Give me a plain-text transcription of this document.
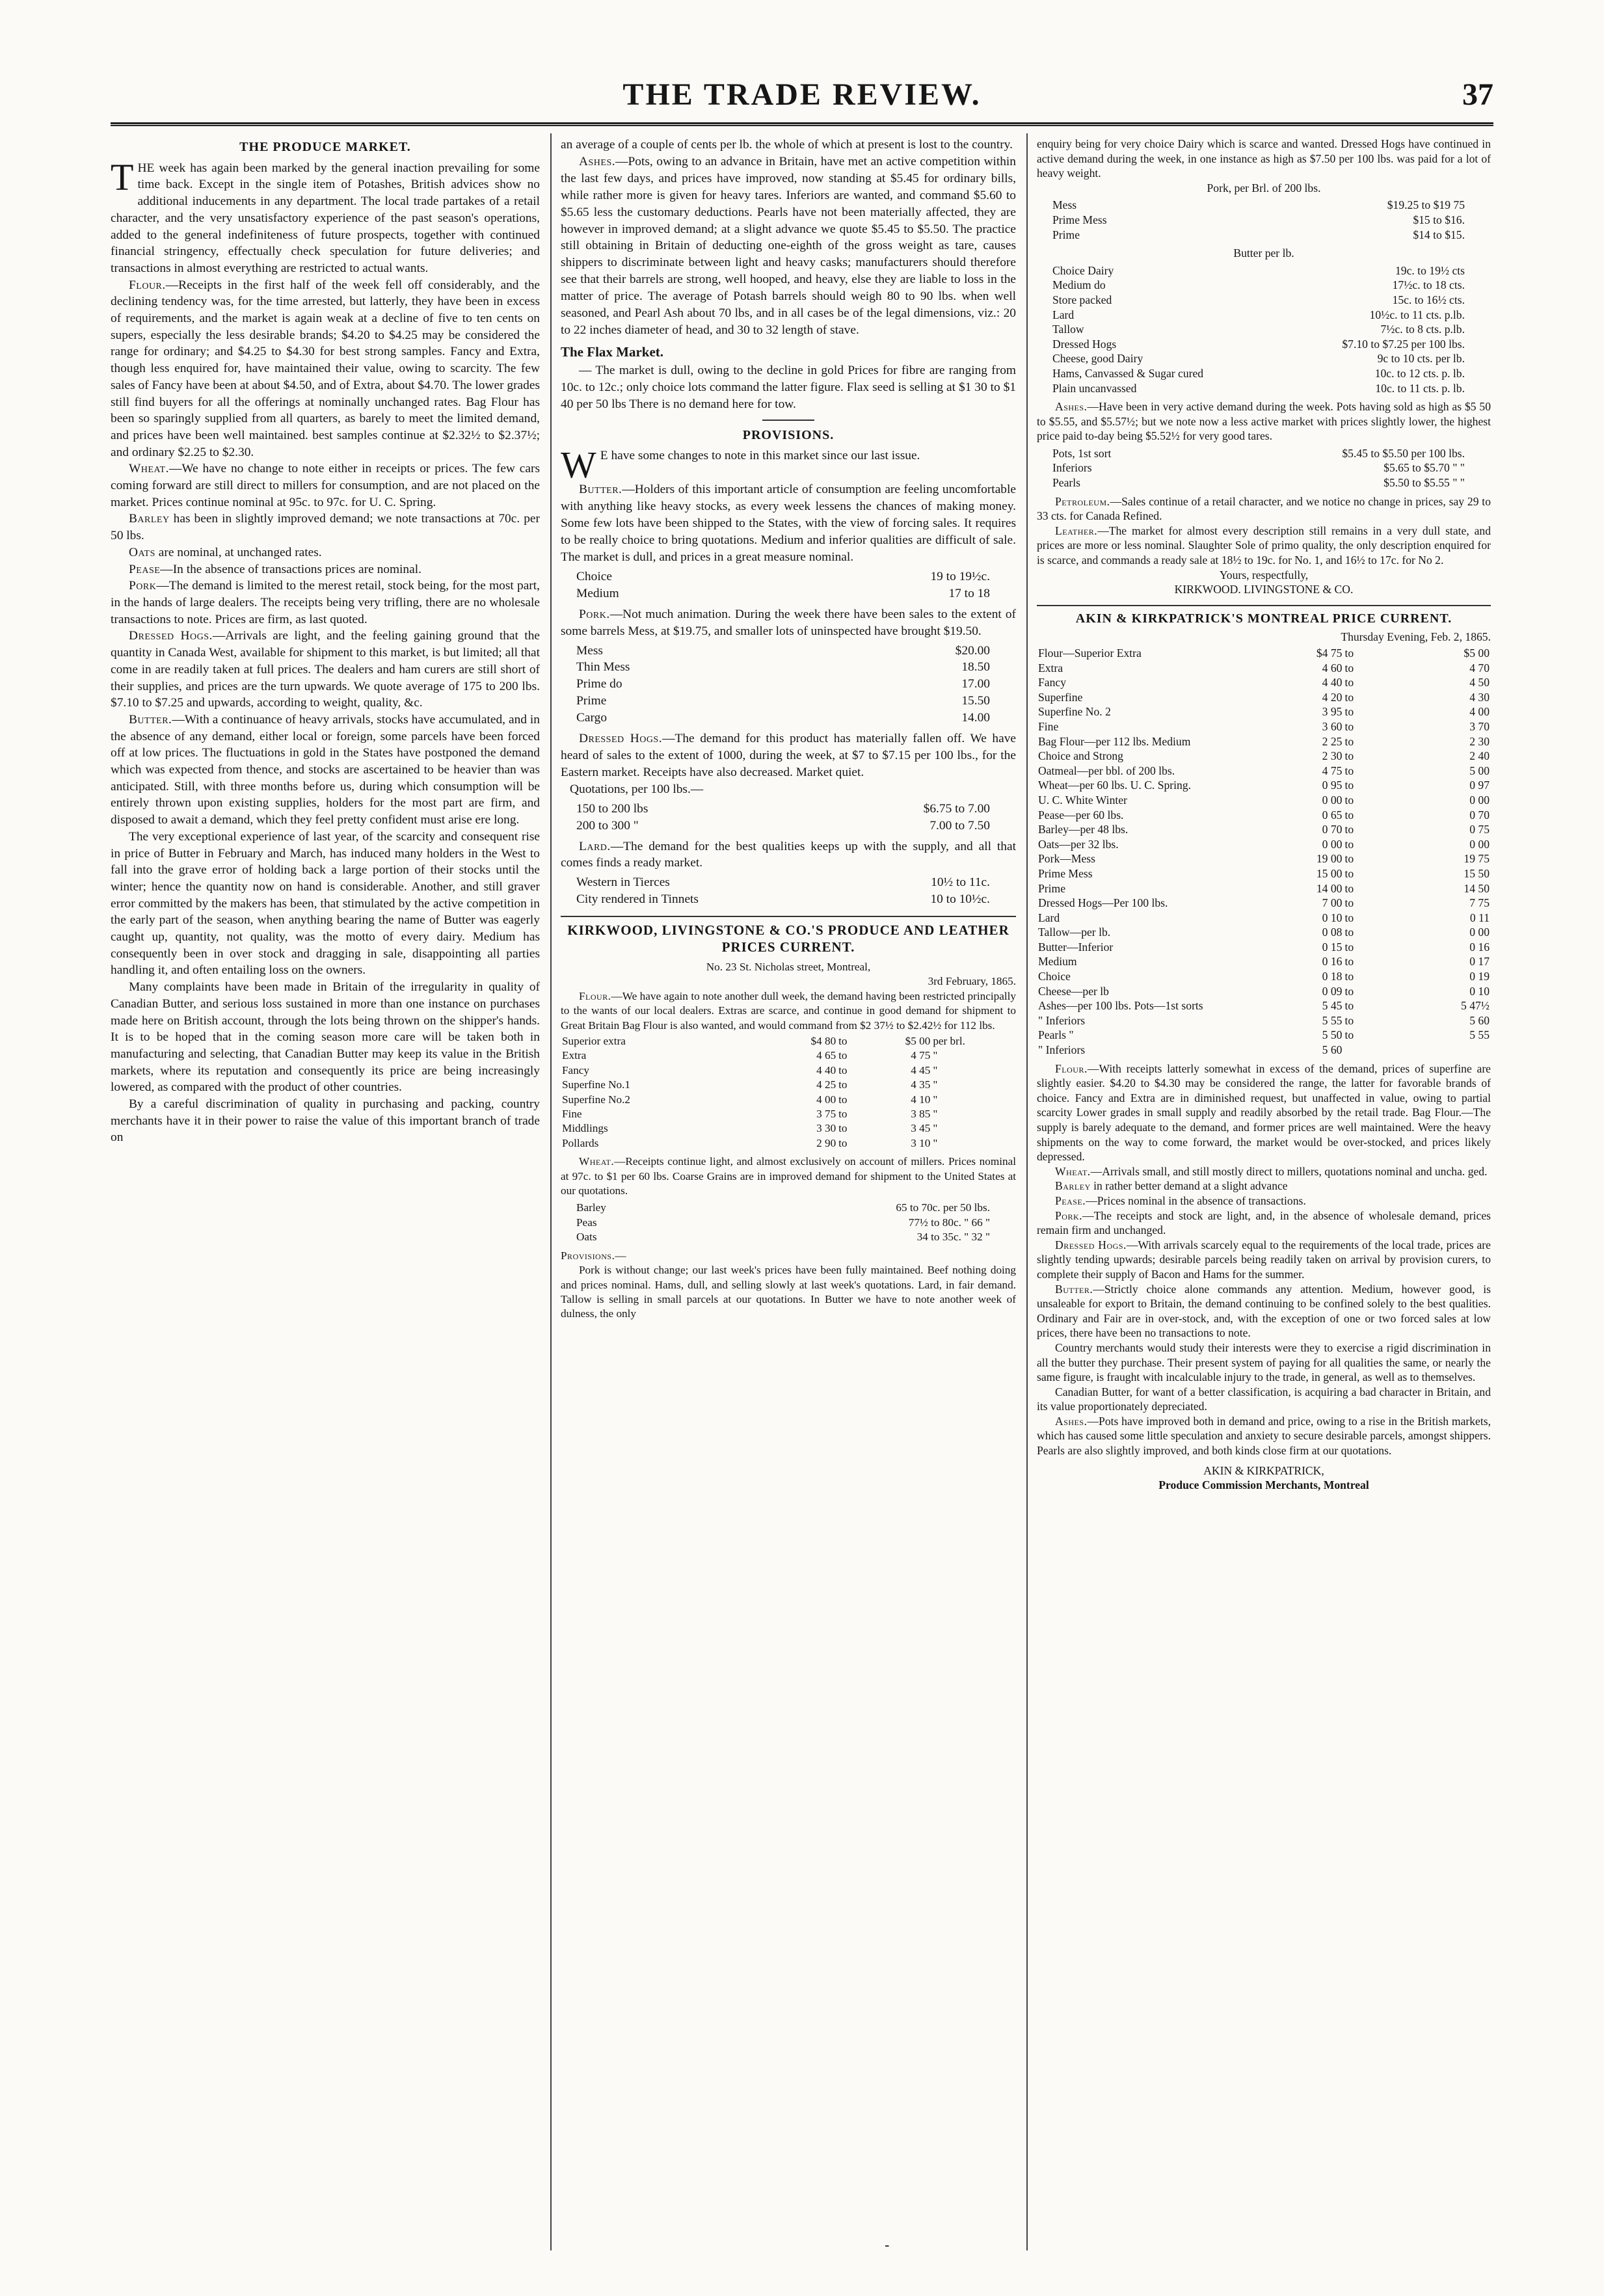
THE TRADE REVIEW.	37
THE PRODUCE MARKET.

THE week has again been marked by the general inaction prevailing for some time back. Except in the single item of Potashes, British advices show no additional inducements in any department. The local trade partakes of a retail character, and the very unsatisfactory experience of the past season's operations, added to the general indefiniteness of future prospects, together with continued financial stringency, effectually check speculation for future deliveries; and transactions in almost everything are restricted to actual wants.

Flour.—Receipts in the first half of the week fell off considerably, and the declining tendency was, for the time arrested, but latterly, they have been in excess of requirements, and the market is again weak at a decline of five to ten cents on supers, especially the less desirable brands; $4.20 to $4.25 may be considered the range for ordinary; and $4.25 to $4.30 for best strong samples. Fancy and Extra, though less enquired for, have maintained their value, owing to scarcity. The few sales of Fancy have been at about $4.50, and of Extra, about $4.70. The lower grades still find buyers for all the offerings at nominally unchanged rates. Bag Flour has been so sparingly supplied from all quarters, as barely to meet the limited demand, and prices have been well maintained. best samples continue at $2.32½ to $2.37½; and ordinary $2.25 to $2.30.

Wheat.—We have no change to note either in receipts or prices. The few cars coming forward are still direct to millers for consumption, and are not placed on the market. Prices continue nominal at 95c. to 97c. for U. C. Spring.

Barley has been in slightly improved demand; we note transactions at 70c. per 50 lbs.

Oats are nominal, at unchanged rates.

Pease—In the absence of transactions prices are nominal.

Pork—The demand is limited to the merest retail, stock being, for the most part, in the hands of large dealers. The receipts being very trifling, there are no wholesale transactions to note. Prices are firm, as last quoted.

Dressed Hogs.—Arrivals are light, and the feeling gaining ground that the quantity in Canada West, available for shipment to this market, is but limited; all that come in are readily taken at full prices. The dealers and ham curers are still short of their supplies, and prices are the turn upwards. We quote average of 175 to 200 lbs. $7.10 to $7.25 and upwards, according to weight, quality, &c.

Butter.—With a continuance of heavy arrivals, stocks have accumulated, and in the absence of any demand, either local or foreign, some parcels have been forced off at low prices. The fluctuations in gold in the States have postponed the demand which was expected from thence, and stocks are ascertained to be heavier than was anticipated. Still, with three months before us, during which consumption will be entirely thrown upon existing supplies, holders for the most part are firm, and disposed to await a demand, which they feel pretty confident must arise ere long.

The very exceptional experience of last year, of the scarcity and consequent rise in price of Butter in February and March, has induced many holders in the West to fall into the grave error of holding back a large portion of their stocks until the winter; hence the quantity now on hand is considerable. Another, and still graver error committed by the makers has been, that stimulated by the active competition in the early part of the season, when anything bearing the name of Butter was eagerly caught up, quantity, not quality, was the motto of every dairy. Medium has consequently been in over stock and dragging in sale, disappointing all parties handling it, and often entailing loss on the owners.

Many complaints have been made in Britain of the irregularity in quality of Canadian Butter, and serious loss sustained in more than one instance on purchases made here on British account, through the lots being thrown on the shipper's hands. It is to be hoped that in the coming season more care will be taken both in manufacturing and selecting, that Canadian Butter may keep its value in the British markets, where its reputation and consequently its price are being increasingly lowered, as compared with the product of other countries.

By a careful discrimination of quality in purchasing and packing, country merchants have it in their power to raise the value of this important branch of trade on

an average of a couple of cents per lb. the whole of which at present is lost to the country.

Ashes.—Pots, owing to an advance in Britain, have met an active competition within the last few days, and prices have improved, now standing at $5.45 for ordinary bills, while rather more is given for heavy tares. Inferiors are wanted, and command $5.60 to $5.65 less the customary deductions. Pearls have not been materially affected, they are however in improved demand; at a slight advance we quote $5.45 to $5.50. The practice still obtaining in Britain of deducting one-eighth of the gross weight as tare, causes shippers to discriminate between light and heavy casks; manufacturers should therefore see that their barrels are strong, well hooped, and heavy, else they are liable to loss in the matter of price. The average of Potash barrels should weigh 80 to 90 lbs. when well seasoned, and Pearl Ash about 70 lbs, and in all cases be of the legal dimensions, viz.: 20 to 22 inches diameter of head, and 30 to 32 length of stave.

The Flax Market.

— The market is dull, owing to the decline in gold Prices for fibre are ranging from 10c. to 12c.; only choice lots command the latter figure. Flax seed is selling at $1 30 to $1 40 per 50 lbs There is no demand here for tow.

PROVISIONS.

W E have some changes to note in this market since our last issue.

Butter.—Holders of this important article of consumption are feeling uncomfortable with anything like heavy stocks, as every week lessens the chances of making money. Some few lots have been shipped to the States, with the view of forcing sales. It requires to be really choice to bring quotations. Medium and inferior qualities are difficult of sale. The market is dull, and prices in a great measure nominal.

Choice	19 to 19½c.
Medium	17 to 18

Pork.—Not much animation. During the week there have been sales to the extent of some barrels Mess, at $19.75, and smaller lots of uninspected have brought $19.50.

Mess	$20.00
Thin Mess	18.50
Prime do	17.00
Prime	15.50
Cargo	14.00

Dressed Hogs.—The demand for this product has materially fallen off. We have heard of sales to the extent of 1000, during the week, at $7 to $7.15 per 100 lbs., for the Eastern market. Receipts have also decreased. Market quiet.

Quotations, per 100 lbs.—

150 to 200 lbs	$6.75 to 7.00
200 to 300 "	7.00 to 7.50

Lard.—The demand for the best qualities keeps up with the supply, and all that comes finds a ready market.

Western in Tierces	10½ to 11c.
City rendered in Tinnets	10 to 10½c.
KIRKWOOD, LIVINGSTONE & CO.'S PRODUCE AND LEATHER PRICES CURRENT.

No. 23 St. Nicholas street, Montreal,

3rd February, 1865.

Flour.—We have again to note another dull week, the demand having been restricted principally to the wants of our local dealers. Extras are scarce, and continue in good demand for shipment to Great Britain Bag Flour is also wanted, and would command from $2 37½ to $2.42½ for 112 lbs.

Superior extra	$4 80	to	$5 00	per brl.
Extra	4 65	to	4 75	"
Fancy	4 40	to	4 45	"
Superfine No.1	4 25	to	4 35	"
Superfine No.2	4 00	to	4 10	"
Fine	3 75	to	3 85	"
Middlings	3 30	to	3 45	"
Pollards	2 90	to	3 10	"

Wheat.—Receipts continue light, and almost exclusively on account of millers. Prices nominal at 97c. to $1 per 60 lbs. Coarse Grains are in improved demand for shipment to the United States at our quotations.

Barley	65 to 70c. per 50 lbs.
Peas	77½ to 80c. " 66 "
Oats	34 to 35c. " 32 "

Provisions.—

Pork is without change; our last week's prices have been fully maintained. Beef nothing doing and prices nominal. Hams, dull, and selling slowly at last week's quotations. Lard, in fair demand. Tallow is selling in small parcels at our quotations. In Butter we have to note another week of dulness, the only

enquiry being for very choice Dairy which is scarce and wanted. Dressed Hogs have continued in active demand during the week, in one instance as high as $7.50 per 100 lbs. was paid for a lot of heavy weight.

Pork, per Brl. of 200 lbs.

Mess	$19.25 to $19 75
Prime Mess	$15 to $16.
Prime	$14 to $15.

Butter per lb.

Choice Dairy	19c. to 19½ cts
Medium do	17½c. to 18 cts.
Store packed	15c. to 16½ cts.
Lard	10½c. to 11 cts. p.lb.
Tallow	7½c. to 8 cts. p.lb.
Dressed Hogs	$7.10 to $7.25 per 100 lbs.
Cheese, good Dairy	9c to 10 cts. per lb.
Hams, Canvassed & Sugar cured	10c. to 12 cts. p. lb.
Plain uncanvassed	10c. to 11 cts. p. lb.

Ashes.—Have been in very active demand during the week. Pots having sold as high as $5 50 to $5.55, and $5.57½; but we note now a less active market with prices slightly lower, the highest price paid to-day being $5.52½ for very good tares.

Pots, 1st sort	$5.45 to $5.50 per 100 lbs.
Inferiors	$5.65 to $5.70 " "
Pearls	$5.50 to $5.55 " "

Petroleum.—Sales continue of a retail character, and we notice no change in prices, say 29 to 33 cts. for Canada Refined.

Leather.—The market for almost every description still remains in a very dull state, and prices are more or less nominal. Slaughter Sole of primo quality, the only description enquired for is scarce, and commands a ready sale at 18½ to 19c. for No. 1, and 16½ to 17c. for No 2.

Yours, respectfully,

KIRKWOOD. LIVINGSTONE & CO.

AKIN & KIRKPATRICK'S MONTREAL PRICE CURRENT.

Thursday Evening, Feb. 2, 1865.

Flour—Superior Extra	$4 75	to	$5 00
Extra	4 60	to	4 70
Fancy	4 40	to	4 50
Superfine	4 20	to	4 30
Superfine No. 2	3 95	to	4 00
Fine	3 60	to	3 70
Bag Flour—per 112 lbs. Medium	2 25	to	2 30
Choice and Strong	2 30	to	2 40
Oatmeal—per bbl. of 200 lbs.	4 75	to	5 00
Wheat—per 60 lbs. U. C. Spring.	0 95	to	0 97
U. C. White Winter	0 00	to	0 00
Pease—per 60 lbs.	0 65	to	0 70
Barley—per 48 lbs.	0 70	to	0 75
Oats—per 32 lbs.	0 00	to	0 00
Pork—Mess	19 00	to	19 75
Prime Mess	15 00	to	15 50
Prime	14 00	to	14 50
Dressed Hogs—Per 100 lbs.	7 00	to	7 75
Lard	0 10	to	0 11
Tallow—per lb.	0 08	to	0 00
Butter—Inferior	0 15	to	0 16
Medium	0 16	to	0 17
Choice	0 18	to	0 19
Cheese—per lb	0 09	to	0 10
Ashes—per 100 lbs. Pots—1st sorts	5 45	to	5 47½
" Inferiors	5 55	to	5 60
Pearls "	5 50	to	5 55
" Inferiors	5 60		

Flour.—With receipts latterly somewhat in excess of the demand, prices of superfine are slightly easier. $4.20 to $4.30 may be considered the range, the latter for favorable brands of choice. Fancy and Extra are in diminished request, but unaffected in value, owing to partial scarcity Lower grades in small supply and readily absorbed by the retail trade. Bag Flour.—The supply is barely adequate to the demand, and former prices are well maintained. Were the heavy shipments on the way to come forward, the market would be over-stocked, and prices likely depressed.

Wheat.—Arrivals small, and still mostly direct to millers, quotations nominal and uncha. ged.

Barley in rather better demand at a slight advance

Pease.—Prices nominal in the absence of transactions.

Pork.—The receipts and stock are light, and, in the absence of wholesale demand, prices remain firm and unchanged.

Dressed Hogs.—With arrivals scarcely equal to the requirements of the local trade, prices are slightly tending upwards; desirable parcels being readily taken on arrival by provision curers, to complete their supply of Bacon and Hams for the summer.

Butter.—Strictly choice alone commands any attention. Medium, however good, is unsaleable for export to Britain, the demand continuing to be confined solely to the best qualities. Ordinary and Fair are in over-stock, and, with the exception of one or two forced sales at low prices, there have been no transactions to note.

Country merchants would study their interests were they to exercise a rigid discrimination in all the butter they purchase. Their present system of paying for all qualities the same, or nearly the same figure, is fraught with incalculable injury to the trade, in general, as well as to themselves.

Canadian Butter, for want of a better classification, is acquiring a bad character in Britain, and its value proportionately depreciated.

Ashes.—Pots have improved both in demand and price, owing to a rise in the British markets, which has caused some little speculation and anxiety to secure desirable parcels, amongst shippers. Pearls are also slightly improved, and both kinds close firm at our quotations.

AKIN & KIRKPATRICK,

Produce Commission Merchants, Montreal

-
